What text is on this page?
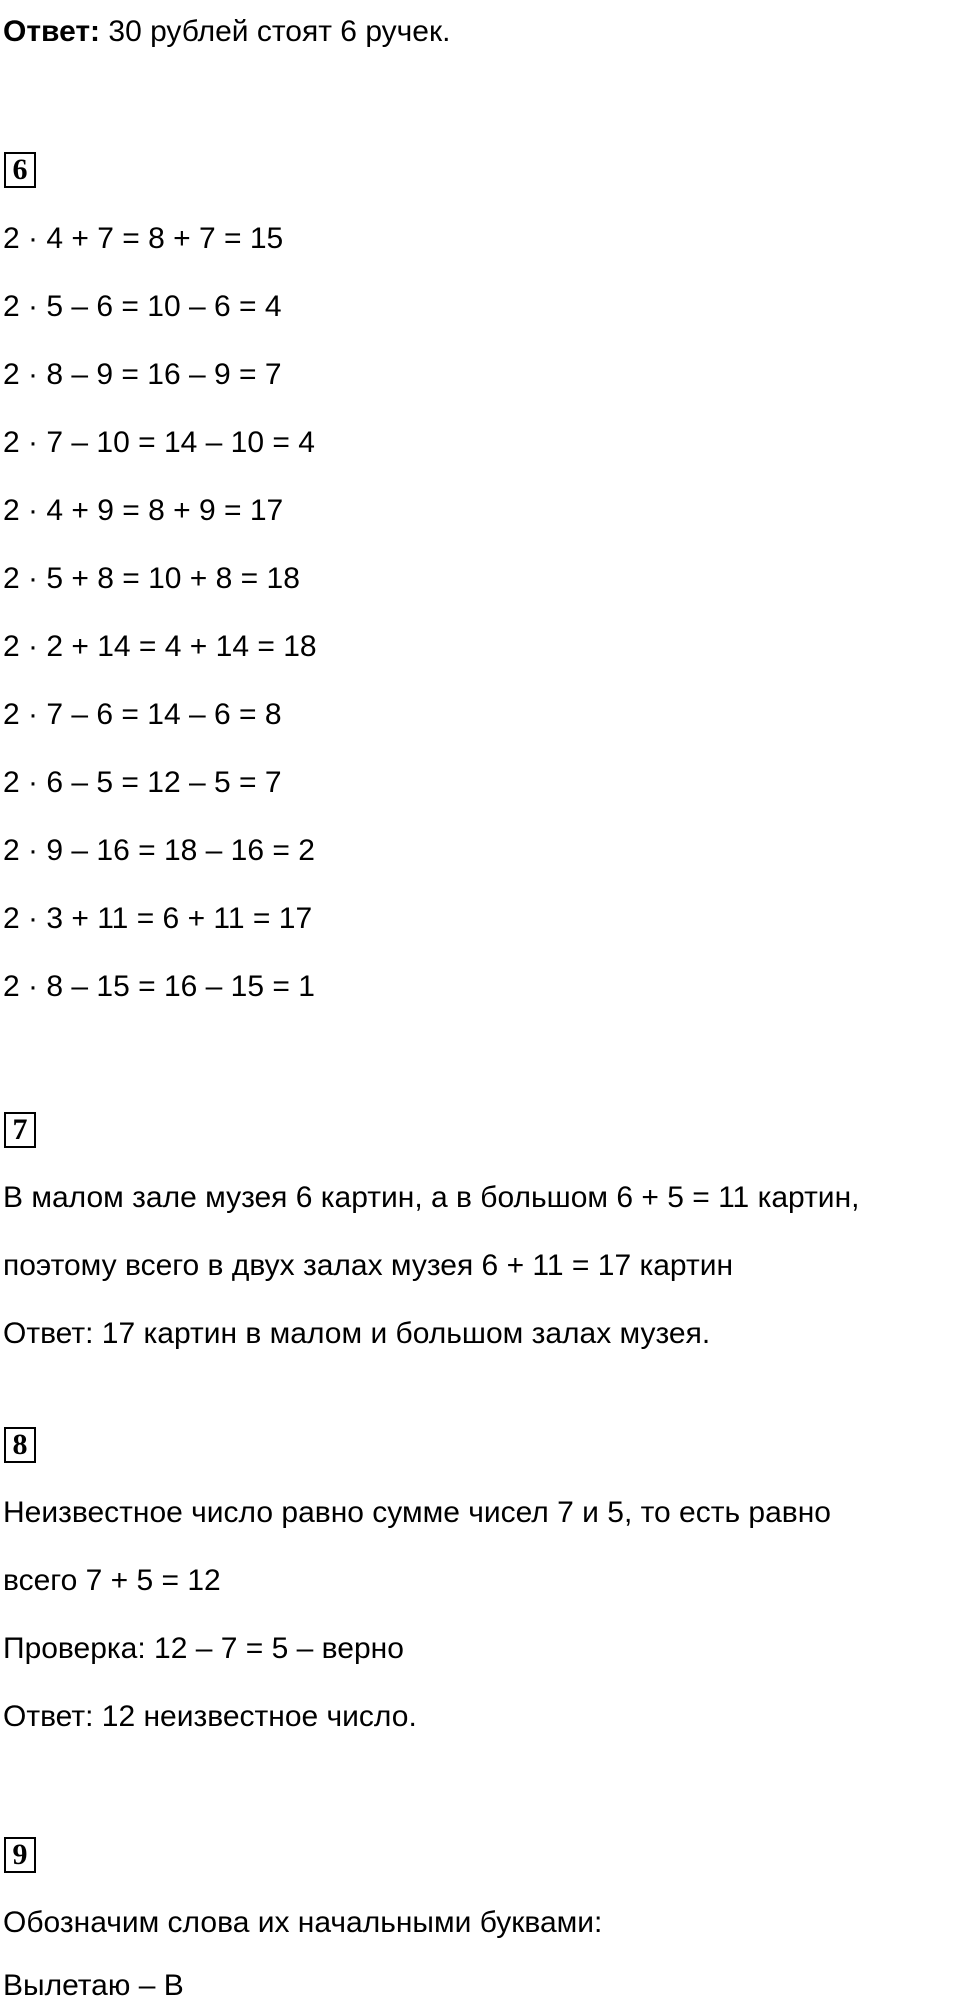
Ответ: 30 рублей стоят 6 ручек.
6
2 · 4 + 7 = 8 + 7 = 15
2 · 5 – 6 = 10 – 6 = 4
2 · 8 – 9 = 16 – 9 = 7
2 · 7 – 10 = 14 – 10 = 4
2 · 4 + 9 = 8 + 9 = 17
2 · 5 + 8 = 10 + 8 = 18
2 · 2 + 14 = 4 + 14 = 18
2 · 7 – 6 = 14 – 6 = 8
2 · 6 – 5 = 12 – 5 = 7
2 · 9 – 16 = 18 – 16 = 2
2 · 3 + 11 = 6 + 11 = 17
2 · 8 – 15 = 16 – 15 = 1
7
В малом зале музея 6 картин, а в большом 6 + 5 = 11 картин,
поэтому всего в двух залах музея 6 + 11 = 17 картин
Ответ: 17 картин в малом и большом залах музея.
8
Неизвестное число равно сумме чисел 7 и 5, то есть равно
всего 7 + 5 = 12
Проверка: 12 – 7 = 5 – верно
Ответ: 12 неизвестное число.
9
Обозначим слова их начальными буквами:
Вылетаю – В
